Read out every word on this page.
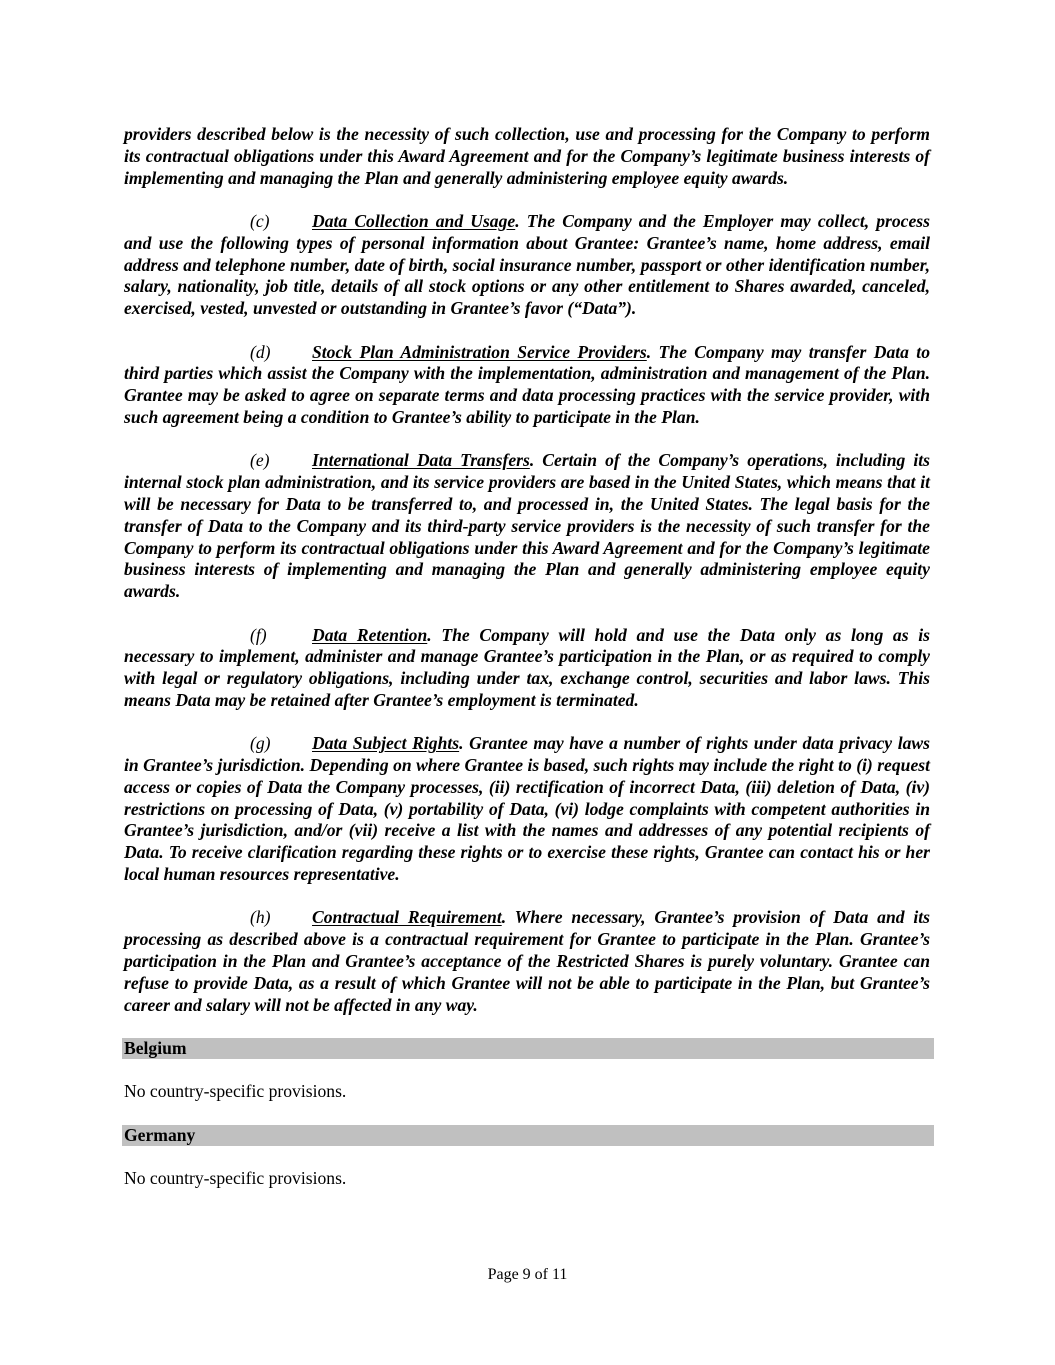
providers described below is the necessity of such collection, use and processing for the Company to perform its contractual obligations under this Award Agreement and for the Company’s legitimate business interests of implementing and managing the Plan and generally administering employee equity awards.

(c) Data Collection and Usage. The Company and the Employer may collect, process and use the following types of personal information about Grantee: Grantee’s name, home address, email address and telephone number, date of birth, social insurance number, passport or other identification number, salary, nationality, job title, details of all stock options or any other entitlement to Shares awarded, canceled, exercised, vested, unvested or outstanding in Grantee’s favor (“Data”).

(d) Stock Plan Administration Service Providers. The Company may transfer Data to third parties which assist the Company with the implementation, administration and management of the Plan. Grantee may be asked to agree on separate terms and data processing practices with the service provider, with such agreement being a condition to Grantee’s ability to participate in the Plan.

(e) International Data Transfers. Certain of the Company’s operations, including its internal stock plan administration, and its service providers are based in the United States, which means that it will be necessary for Data to be transferred to, and processed in, the United States. The legal basis for the transfer of Data to the Company and its third-party service providers is the necessity of such transfer for the Company to perform its contractual obligations under this Award Agreement and for the Company’s legitimate business interests of implementing and managing the Plan and generally administering employee equity awards.

(f)	Data Retention. The Company will hold and use the Data only as long as is necessary to implement, administer and manage Grantee’s participation in the Plan, or as required to comply with legal or regulatory obligations, including under tax, exchange control, securities and labor laws. This means Data may be retained after Grantee’s employment is terminated.

(g) Data Subject Rights. Grantee may have a number of rights under data privacy laws in Grantee’s jurisdiction. Depending on where Grantee is based, such rights may include the right to (i) request access or copies of Data the Company processes, (ii) rectification of incorrect Data, (iii) deletion of Data, (iv) restrictions on processing of Data, (v) portability of Data, (vi) lodge complaints with competent authorities in Grantee’s jurisdiction, and/or (vii) receive a list with the names and addresses of any potential recipients of Data. To receive clarification regarding these rights or to exercise these rights, Grantee can contact his or her local human resources representative.

(h) Contractual Requirement. Where necessary, Grantee’s provision of Data and its processing as described above is a contractual requirement for Grantee to participate in the Plan. Grantee’s participation in the Plan and Grantee’s acceptance of the Restricted Shares is purely voluntary. Grantee can refuse to provide Data, as a result of which Grantee will not be able to participate in the Plan, but Grantee’s career and salary will not be affected in any way.

Belgium

No country-specific provisions.

Germany

No country-specific provisions.

Page 9 of 11
